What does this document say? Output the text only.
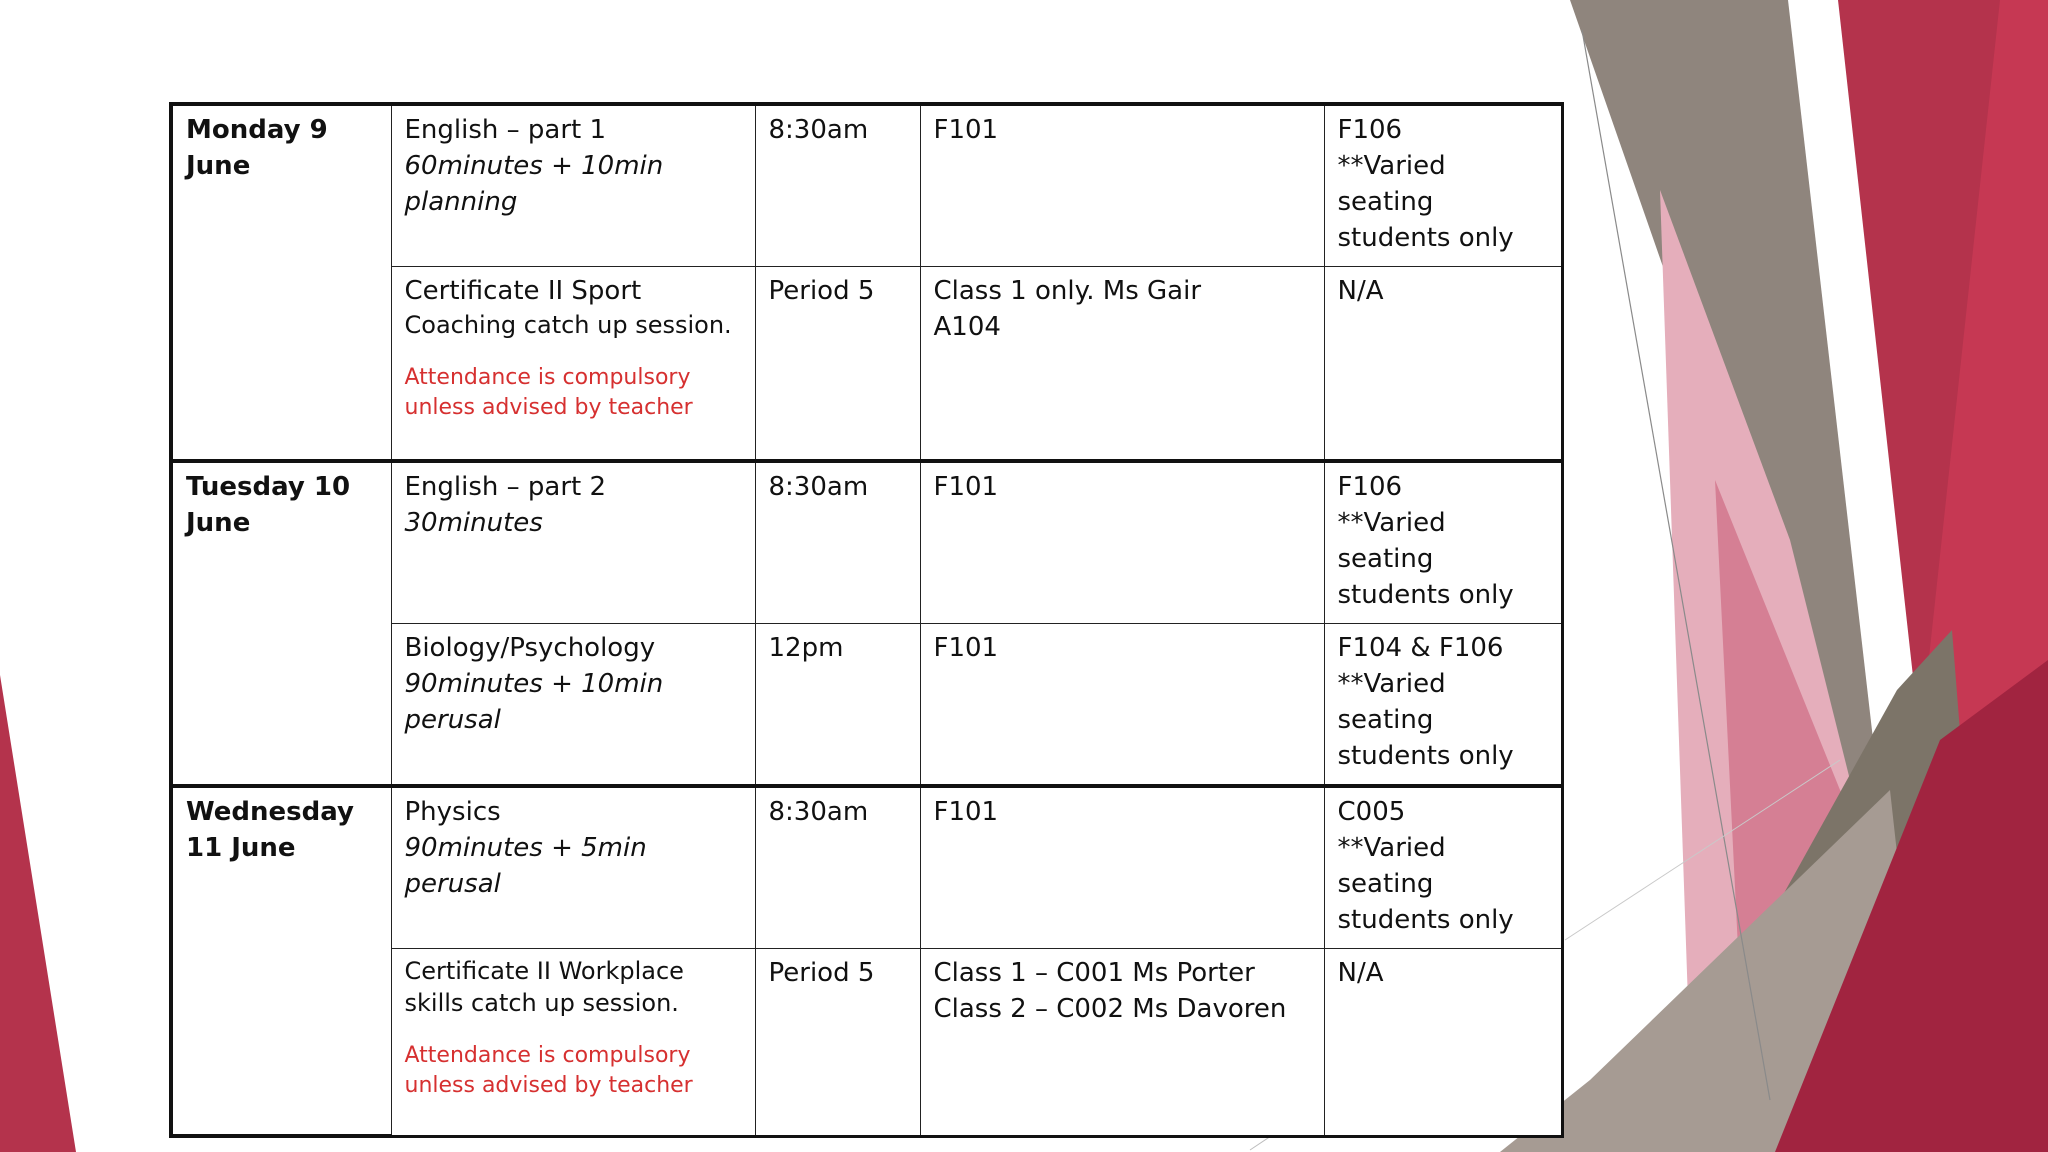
Monday 9 June	English – part 1
60minutes + 10min
planning	8:30am	F101	F106
**Varied seating
students only

	Certificate II Sport
Coaching catch up session.
Attendance is compulsory
unless advised by teacher	Period 5	Class 1 only. Ms Gair
A104	N/A

Tuesday 10 June	English – part 2
30minutes	8:30am	F101	F106
**Varied seating
students only

	Biology/Psychology
90minutes + 10min perusal	12pm	F101	F104 & F106
**Varied seating
students only

Wednesday 11 June	Physics
90minutes + 5min perusal	8:30am	F101	C005
**Varied seating
students only

	Certificate II Workplace
skills catch up session.
Attendance is compulsory
unless advised by teacher	Period 5	Class 1 – C001 Ms Porter
Class 2 – C002 Ms Davoren	N/A
